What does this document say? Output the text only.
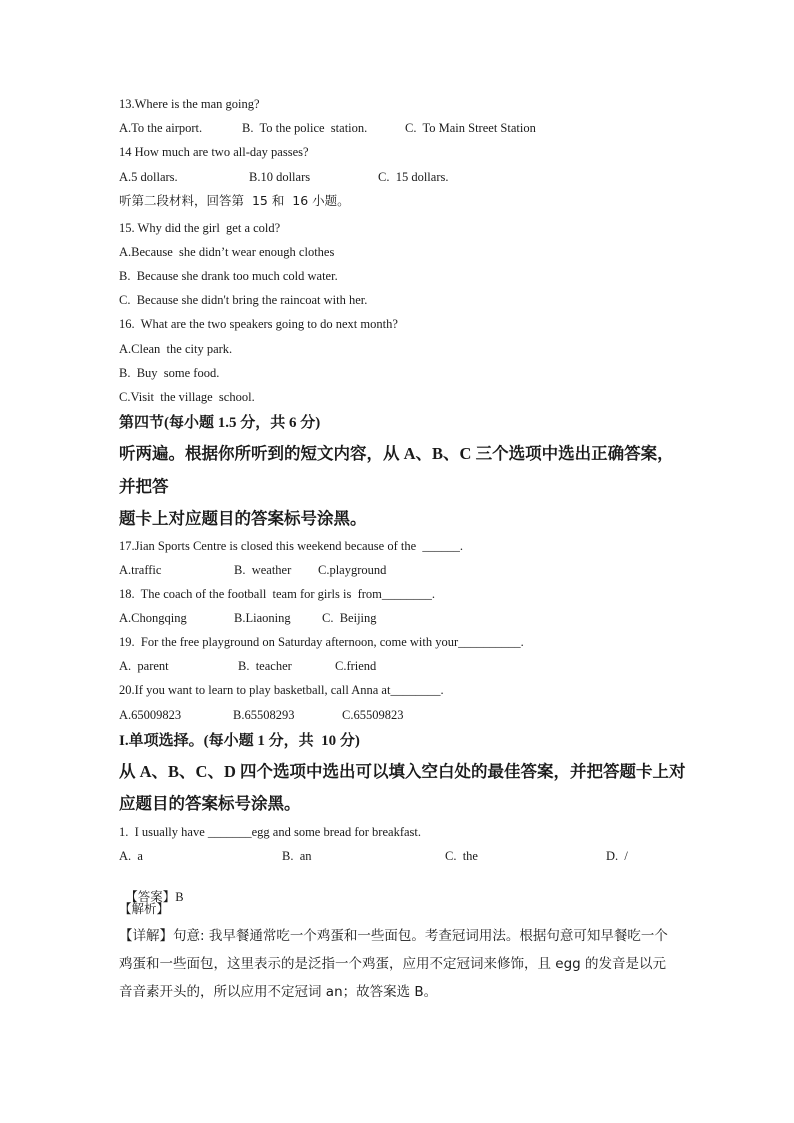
13.Where is the man going?
A.To the airport.	B.  To the police  station.	C.  To Main Street Station
14 How much are two all-day passes?
A.5 dollars.	B.10 dollars	C.  15 dollars.
听第二段材料，回答第  15 和  16 小题。
15. Why did the girl  get a cold?
A.Because  she didn’t wear enough clothes
B.  Because she drank too much cold water.
C.  Because she didn't bring the raincoat with her.
16.  What are the two speakers going to do next month?
A.Clean  the city park.
B.  Buy  some food.
C.Visit  the village  school.
第四节(每小题 1.5 分，共 6 分)
听两遍。根据你所听到的短文内容，从 A、B、C 三个选项中选出正确答案，
并把答
题卡上对应题目的答案标号涂黑。
17.Jian Sports Centre is closed this weekend because of the  ______.
A.traffic	B.  weather C.playground
18.  The coach of the football  team for girls is  from________.
A.Chongqing	B.Liaoning	C.  Beijing
19.  For the free playground on Saturday afternoon, come with your__________.
A.  parent	B.  teacher	C.friend
20.If you want to learn to play basketball, call Anna at________.
A.65009823	B.65508293	C.65509823
I.单项选择。(每小题 1 分，共  10 分)
从 A、B、C、D 四个选项中选出可以填入空白处的最佳答案，并把答题卡上对
应题目的答案标号涂黑。
1.  I usually have _______egg and some bread for breakfast.
A.  a	B.  an	C.  the	D.  /

【答案】B

【解析】
【详解】句意: 我早餐通常吃一个鸡蛋和一些面包。考查冠词用法。根据句意可知早餐吃一个鸡蛋和一些面包，这里表示的是泛指一个鸡蛋，应用不定冠词来修饰，且 egg 的发音是以元音音素开头的，所以应用不定冠词 an；故答案选 B。
